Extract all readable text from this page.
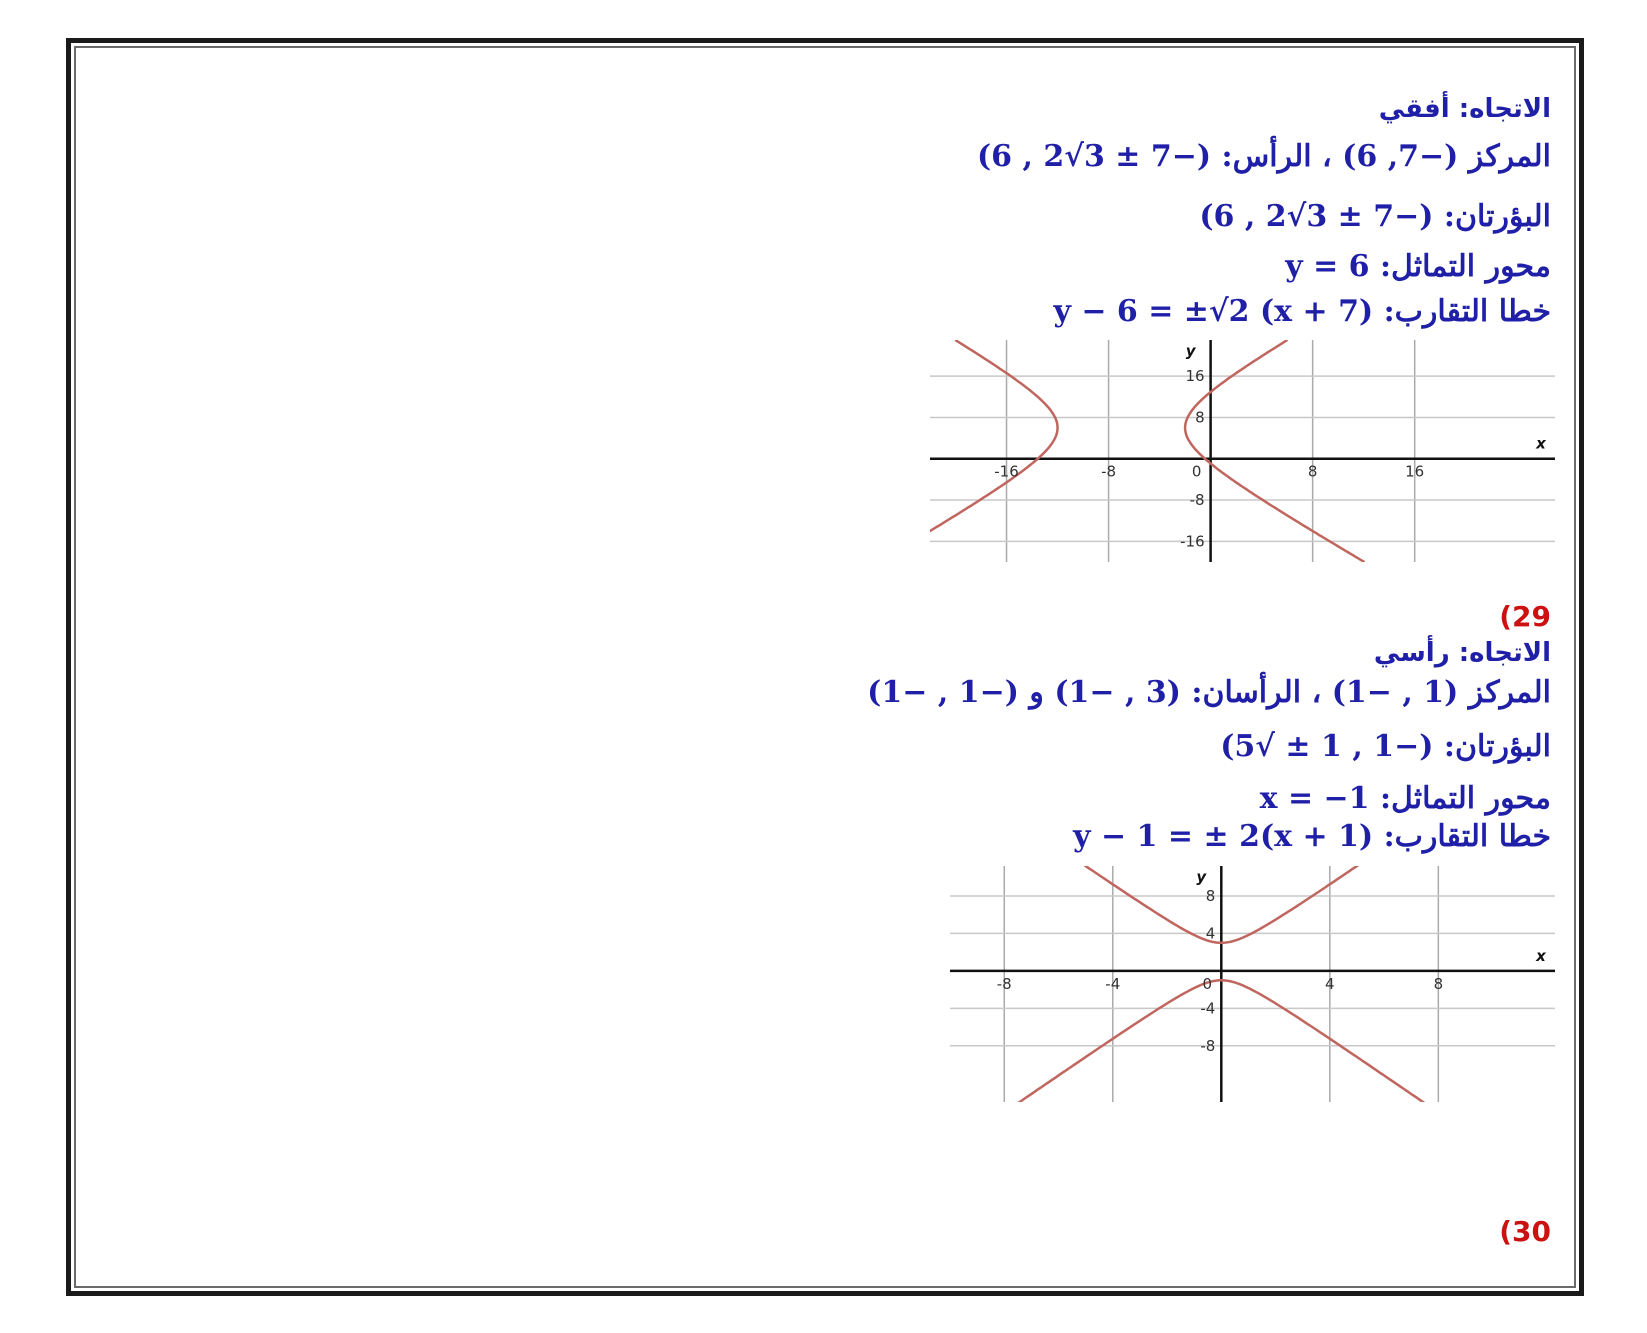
الاتجاه: أفقي
المركز (−7, 6) ، الرأس: (−7 ± 3√2 , 6)
البؤرتان: (−7 ± 3√2 , 6)
محور التماثل: y = 6
خطا التقارب: y − 6 = ±√2 (x + 7)
-16	-8	0	8	16
16
8
-8
-16
x
y
(29
الاتجاه: رأسي
المركز (1 , −1) ، الرأسان: (3 , −1) و (−1 , −1)
البؤرتان: (−1 , 1 ± √5)
محور التماثل: x = −1
خطا التقارب: y − 1 = ± 2(x + 1)
-8	-4	0	4	8
8
4
-4
-8
x
y
(30
